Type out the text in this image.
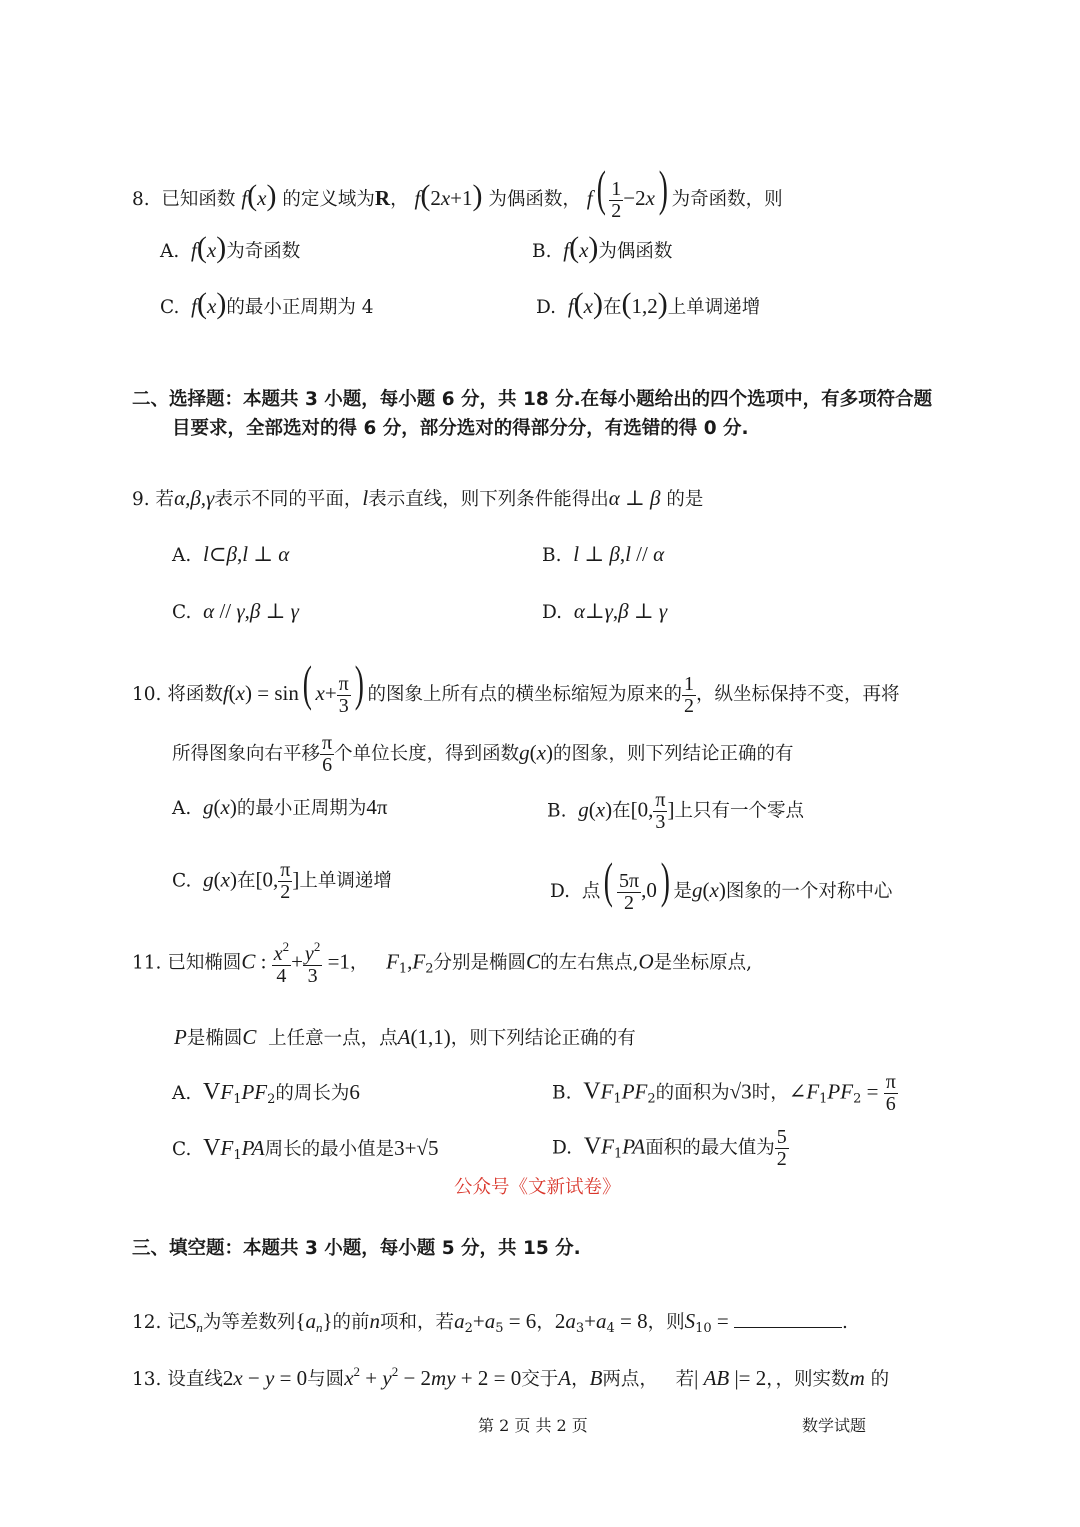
8. 已知函数 f(x) 的定义域为R， f(2x+1) 为偶函数， $f( \frac{1}{2} -2x)$ 为奇函数，则
A. f(x)为奇函数	B. f(x)为偶函数
C. f(x)的最小正周期为 4	D. f(x)在(1,2)上单调递增
二、选择题：本题共 3 小题，每小题 6 分，共 18 分.在每小题给出的四个选项中，有多项符合题
目要求，全部选对的得 6 分，部分选对的得部分分，有选错的得 0 分.
9. 若α,β,γ表示不同的平面，l表示直线，则下列条件能得出α ⊥ β 的是
A. l⊂β,l ⊥ α	B. l ⊥ β,l // α
C. α // γ,β ⊥ γ	D. α⊥γ,β ⊥ γ
10. 将函数f(x) = sin( $x+ \frac{\pi}{3}$ ) 的图象上所有点的横坐标缩短为原来的 $\frac{1}{2}$ ，纵坐标保持不变，再将
所得图象向右平移 $\frac{\pi}{6}$ 个单位长度，得到函数g(x)的图象，则下列结论正确的有
A. g(x)的最小正周期为4π	B. g(x)在[0, $\frac{\pi}{3}$ ]上只有一个零点
C. g(x)在[0, $\frac{\pi}{2}$ ]上单调递增	D. 点( $\frac{5\pi}{2} ,0$) 是g(x)图象的一个对称中心
11. 已知椭圆C : $\frac{x^2}{4} + \frac{y^2}{3} =1$，   $F_1,F_2$分别是椭圆C的左右焦点,O是坐标原点,
P是椭圆C 上任意一点，点A(1,1)，则下列结论正确的有
A. $VF_1PF_2$的周长为6	B. $VF_1PF_2$的面积为√3时，$\angle F_1PF_2 = \frac{\pi}{6}$
C. $VF_1PA$周长的最小值是3+√5	D. $VF_1PA$面积的最大值为 $\frac{5}{2}$
公众号《文新试卷》
三、填空题：本题共 3 小题，每小题 5 分，共 15 分.
12. 记$S_n$为等差数列$\{a_n\}$的前n项和，若$a_2+a_5 = 6$，$2a_3+a_4 = 8$，则$S_{10}$ =	.
13. 设直线2x − y = 0与圆$x^2 + y^2 - 2my + 2 = 0$交于A，B两点， 若| AB |= 2，，则实数m 的
第 2 页 共 2 页	数学试题
